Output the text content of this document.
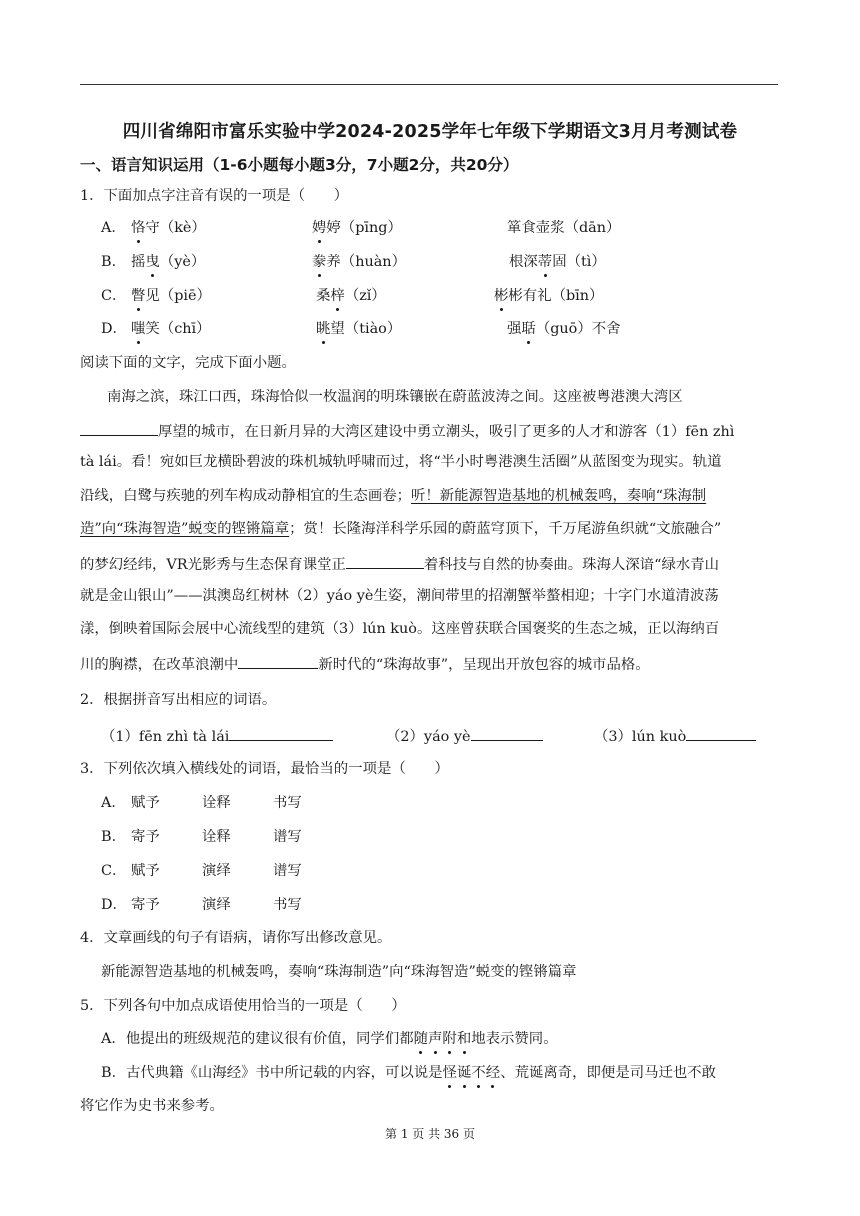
四川省绵阳市富乐实验中学2024-2025学年七年级下学期语文3月月考测试卷
一、语言知识运用（1-6小题每小题3分，7小题2分，共20分）
1．下面加点字注音有误的一项是（　　）
A． 恪守（kè）	娉婷（pīng）	箪食壶浆（dān）
B． 摇曳（yè）	豢养（huàn）	根深蒂固（tì）
C． 瞥见（piē）	桑梓（zǐ）	彬彬有礼（bīn）
D． 嗤笑（chī）	眺望（tiào）	强聒（guō）不舍
阅读下面的文字，完成下面小题。
南海之滨，珠江口西，珠海恰似一枚温润的明珠镶嵌在蔚蓝波涛之间。这座被粤港澳大湾区
厚望的城市，在日新月异的大湾区建设中勇立潮头，吸引了更多的人才和游客（1）fēn zhì
tà lái。看！宛如巨龙横卧碧波的珠机城轨呼啸而过，将“半小时粤港澳生活圈”从蓝图变为现实。轨道
沿线，白鹭与疾驰的列车构成动静相宜的生态画卷；听！新能源智造基地的机械轰鸣，奏响“珠海制
造”向“珠海智造”蜕变的铿锵篇章；赏！长隆海洋科学乐园的蔚蓝穹顶下，千万尾游鱼织就“文旅融合”
的梦幻经纬，VR光影秀与生态保育课堂正	着科技与自然的协奏曲。珠海人深谙“绿水青山
就是金山银山”——淇澳岛红树林（2）yáo yè生姿，潮间带里的招潮蟹举螯相迎；十字门水道清波荡
漾，倒映着国际会展中心流线型的建筑（3）lún kuò。这座曾获联合国褒奖的生态之城，正以海纳百
川的胸襟，在改革浪潮中	新时代的“珠海故事”，呈现出开放包容的城市品格。
2．根据拼音写出相应的词语。
（1）fēn zhì tà lái	（2）yáo yè	（3）lún kuò
3．下列依次填入横线处的词语，最恰当的一项是（　　）
A． 赋予	诠释	书写
B． 寄予	诠释	谱写
C． 赋予	演绎	谱写
D． 寄予	演绎	书写
4．文章画线的句子有语病，请你写出修改意见。
新能源智造基地的机械轰鸣，奏响“珠海制造”向“珠海智造”蜕变的铿锵篇章
5．下列各句中加点成语使用恰当的一项是（　　）
A．他提出的班级规范的建议很有价值，同学们都随声附和地表示赞同。
B．古代典籍《山海经》书中所记载的内容，可以说是怪诞不经、荒诞离奇，即便是司马迁也不敢
将它作为史书来参考。
第 1 页 共 36 页
